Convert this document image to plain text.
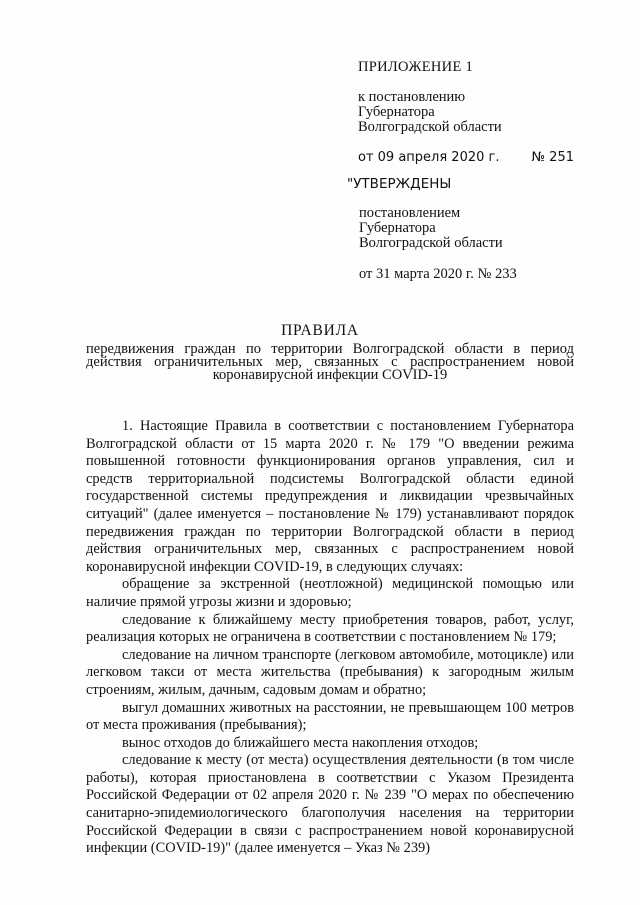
ПРИЛОЖЕНИЕ 1
к постановлению
Губернатора
Волгоградской области
от 09 апреля 2020 г. № 251
"УТВЕРЖДЕНЫ
постановлением
Губернатора
Волгоградской области
от 31 марта 2020 г. № 233
ПРАВИЛА
передвижения граждан по территории Волгоградской области в период действия ограничительных мер, связанных с распространением новой коронавирусной инфекции COVID-19

1. Настоящие Правила в соответствии с постановлением Губернатора Волгоградской области от 15 марта 2020 г. № 179 "О введении режима повышенной готовности функционирования органов управления, сил и средств территориальной подсистемы Волгоградской области единой государственной системы предупреждения и ликвидации чрезвычайных ситуаций" (далее именуется – постановление № 179) устанавливают порядок передвижения граждан по территории Волгоградской области в период действия ограничительных мер, связанных с распространением новой коронавирусной инфекции COVID-19, в следующих случаях:

обращение за экстренной (неотложной) медицинской помощью или наличие прямой угрозы жизни и здоровью;

следование к ближайшему месту приобретения товаров, работ, услуг, реализация которых не ограничена в соответствии с постановлением № 179;

следование на личном транспорте (легковом автомобиле, мотоцикле) или легковом такси от места жительства (пребывания) к загородным жилым строениям, жилым, дачным, садовым домам и обратно;

выгул домашних животных на расстоянии, не превышающем 100 метров от места проживания (пребывания);

вынос отходов до ближайшего места накопления отходов;

следование к месту (от места) осуществления деятельности (в том числе работы), которая приостановлена в соответствии с Указом Президента Российской Федерации от 02 апреля 2020 г. № 239 "О мерах по обеспечению санитарно-эпидемиологического благополучия населения на территории Российской Федерации в связи с распространением новой коронавирусной инфекции (COVID-19)" (далее именуется – Указ № 239)
